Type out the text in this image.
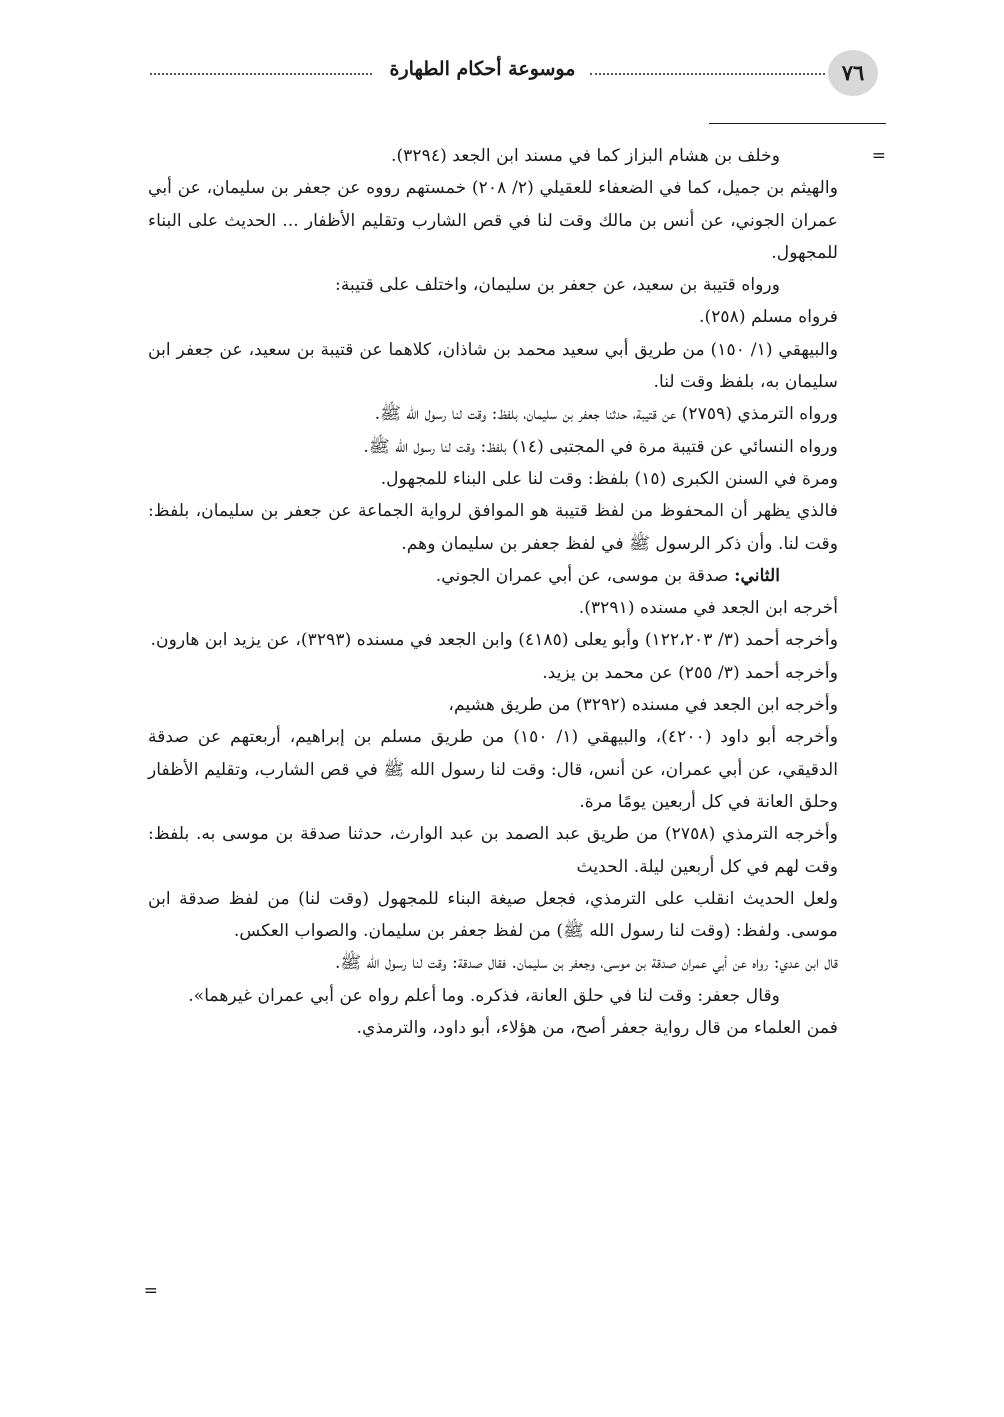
٧٦
موسوعة أحكام الطهارة
=
=

وخلف بن هشام البزاز كما في مسند ابن الجعد (٣٢٩٤).

والهيثم بن جميل، كما في الضعفاء للعقيلي (٢/ ٢٠٨) خمستهم رووه عن جعفر بن سليمان، عن أبي عمران الجوني، عن أنس بن مالك وقت لنا في قص الشارب وتقليم الأظفار ... الحديث على البناء للمجهول.

ورواه قتيبة بن سعيد، عن جعفر بن سليمان، واختلف على قتيبة:

فرواه مسلم (٢٥٨).

والبيهقي (١/ ١٥٠) من طريق أبي سعيد محمد بن شاذان، كلاهما عن قتيبة بن سعيد، عن جعفر ابن سليمان به، بلفظ وقت لنا.

ورواه الترمذي (٢٧٥٩) عن قتيبة، حدثنا جعفر بن سليمان، بلفظ: وقت لنا رسول الله ﷺ.

ورواه النسائي عن قتيبة مرة في المجتبى (١٤) بلفظ: وقت لنا رسول الله ﷺ.

ومرة في السنن الكبرى (١٥) بلفظ: وقت لنا على البناء للمجهول.

فالذي يظهر أن المحفوظ من لفظ قتيبة هو الموافق لرواية الجماعة عن جعفر بن سليمان، بلفظ: وقت لنا. وأن ذكر الرسول ﷺ في لفظ جعفر بن سليمان وهم.

الثاني: صدقة بن موسى، عن أبي عمران الجوني.

أخرجه ابن الجعد في مسنده (٣٢٩١).

وأخرجه أحمد (٣/ ١٢٢،٢٠٣) وأبو يعلى (٤١٨٥) وابن الجعد في مسنده (٣٢٩٣)، عن يزيد ابن هارون.

وأخرجه أحمد (٣/ ٢٥٥) عن محمد بن يزيد.

وأخرجه ابن الجعد في مسنده (٣٢٩٢) من طريق هشيم،

وأخرجه أبو داود (٤٢٠٠)، والبيهقي (١/ ١٥٠) من طريق مسلم بن إبراهيم، أربعتهم عن صدقة الدقيقي، عن أبي عمران، عن أنس، قال: وقت لنا رسول الله ﷺ في قص الشارب، وتقليم الأظفار وحلق العانة في كل أربعين يومًا مرة.

وأخرجه الترمذي (٢٧٥٨) من طريق عبد الصمد بن عبد الوارث، حدثنا صدقة بن موسى به. بلفظ: وقت لهم في كل أربعين ليلة. الحديث

ولعل الحديث انقلب على الترمذي، فجعل صيغة البناء للمجهول (وقت لنا) من لفظ صدقة ابن موسى. ولفظ: (وقت لنا رسول الله ﷺ) من لفظ جعفر بن سليمان. والصواب العكس.

قال ابن عدي: رواه عن أبي عمران صدقة بن موسى، وجعفر بن سليمان. فقال صدقة: وقت لنا رسول الله ﷺ.

وقال جعفر: وقت لنا في حلق العانة، فذكره. وما أعلم رواه عن أبي عمران غيرهما».

فمن العلماء من قال رواية جعفر أصح، من هؤلاء، أبو داود، والترمذي.
